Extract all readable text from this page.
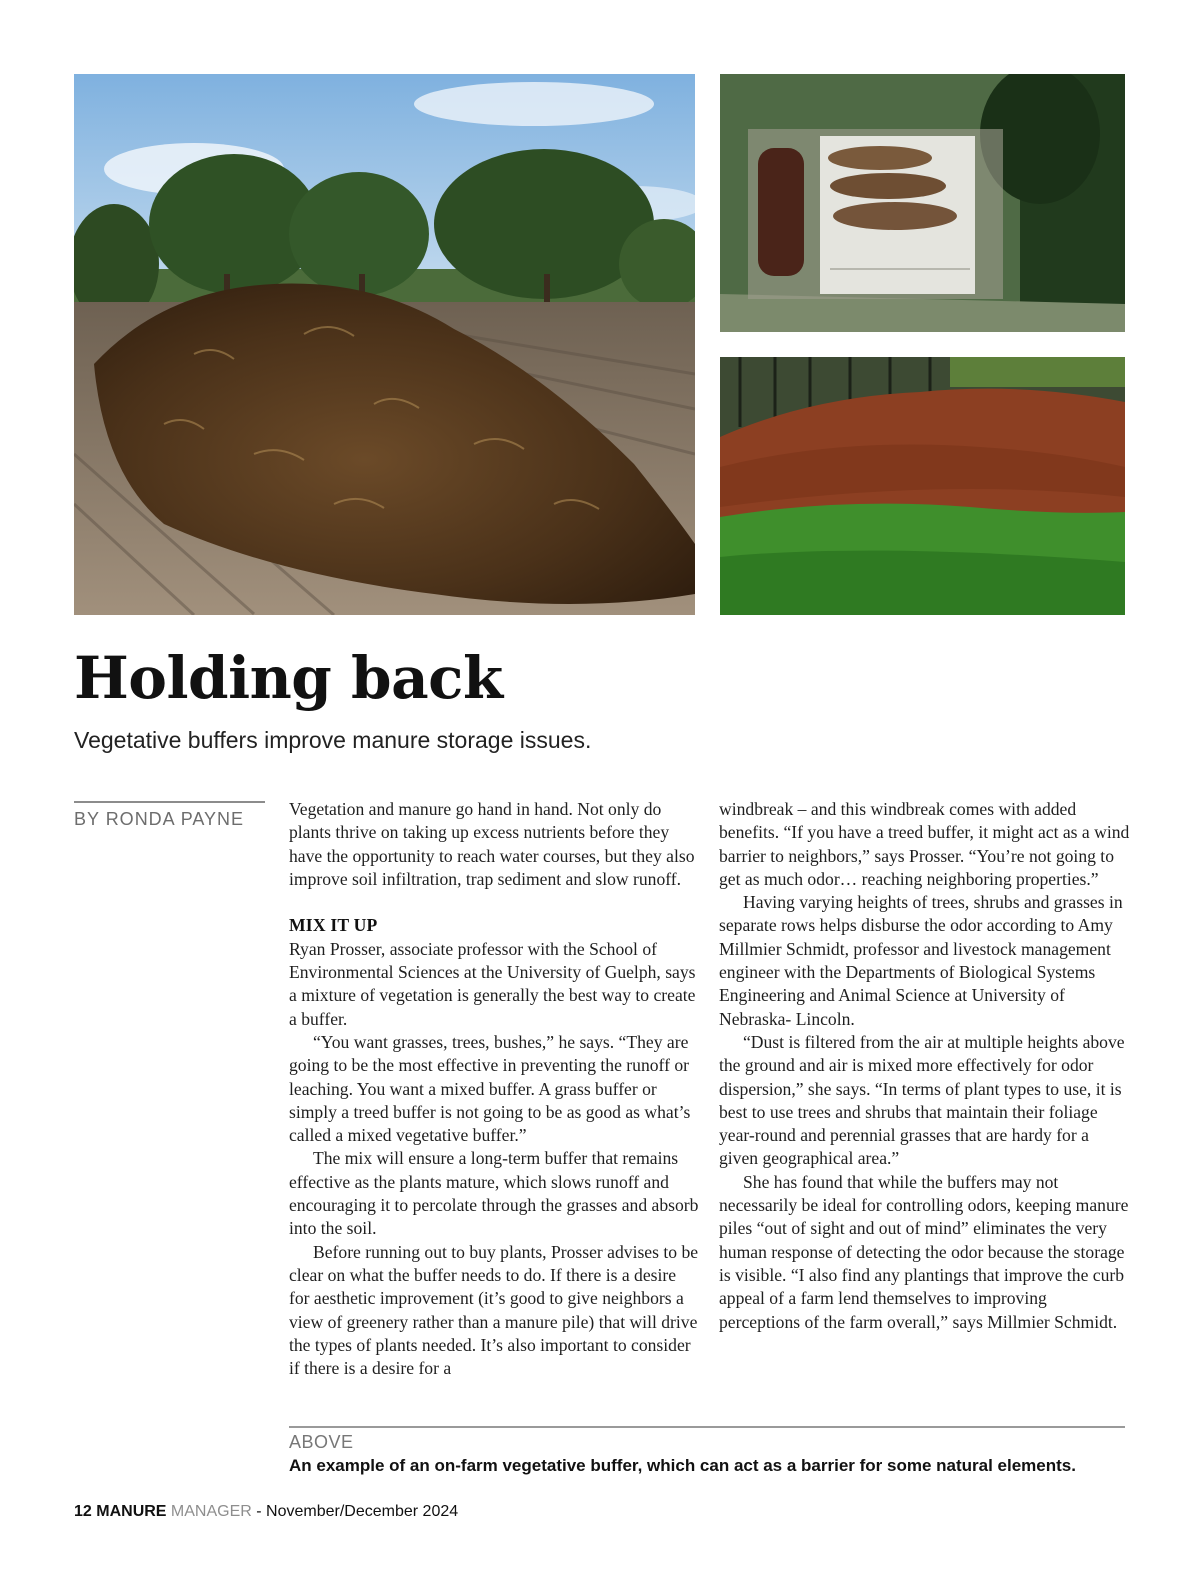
Holding back

Vegetative buffers improve manure storage issues.

BY RONDA PAYNE	Vegetation and manure go hand in hand. Not only do plants thrive on taking up excess nutrients before they have the opportunity to reach water courses, but they also improve soil infiltration, trap sediment and slow runoff.

MIX IT UP

Ryan Prosser, associate professor with the School of Environmental Sciences at the University of Guelph, says a mixture of vegetation is generally the best way to create a buffer.

“You want grasses, trees, bushes,” he says. “They are going to be the most effective in preventing the runoff or leaching. You want a mixed buffer. A grass buffer or simply a treed buffer is not going to be as good as what’s called a mixed vegetative buffer.”

The mix will ensure a long-term buffer that remains effective as the plants mature, which slows runoff and encouraging it to percolate through the grasses and absorb into the soil.

Before running out to buy plants, Prosser advises to be clear on what the buffer needs to do. If there is a desire for aesthetic improvement (it’s good to give neighbors a view of greenery rather than a manure pile) that will drive the types of plants needed. It’s also important to consider if there is a desire for a

windbreak – and this windbreak comes with added benefits. “If you have a treed buffer, it might act as a wind barrier to neighbors,” says Prosser. “You’re not going to get as much odor… reaching neighboring properties.”

Having varying heights of trees, shrubs and grasses in separate rows helps disburse the odor according to Amy Millmier Schmidt, professor and livestock management engineer with the Departments of Biological Systems Engineering and Animal Science at University of Nebraska- Lincoln.

“Dust is filtered from the air at multiple heights above the ground and air is mixed more effectively for odor dispersion,” she says. “In terms of plant types to use, it is best to use trees and shrubs that maintain their foliage year-round and perennial grasses that are hardy for a given geographical area.”

She has found that while the buffers may not necessarily be ideal for controlling odors, keeping manure piles “out of sight and out of mind” eliminates the very human response of detecting the odor because the storage is visible. “I also find any plantings that improve the curb appeal of a farm lend themselves to improving perceptions of the farm overall,” says Millmier Schmidt.

ABOVE
An example of an on-farm vegetative buffer, which can act as a barrier for some natural elements.
12 MANURE MANAGER - November/December 2024
